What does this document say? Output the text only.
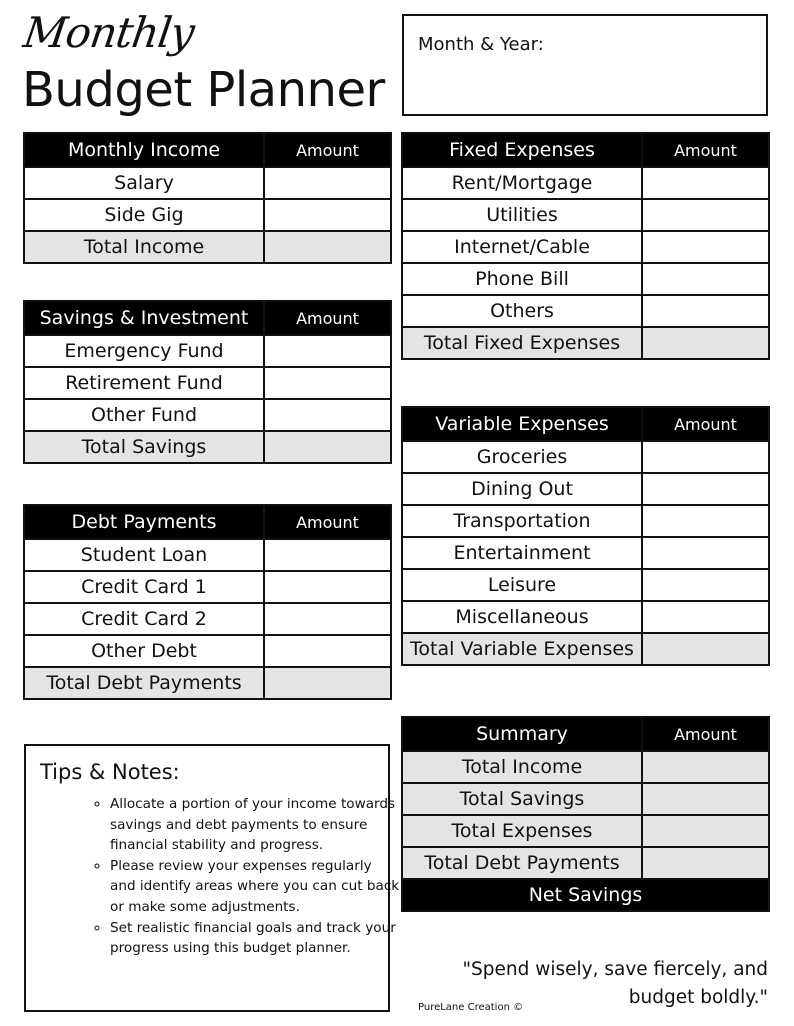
Monthly
Budget Planner
Month & Year:
Monthly Income	Amount
Salary	
Side Gig	
Total Income	
Savings & Investment	Amount
Emergency Fund	
Retirement Fund	
Other Fund	
Total Savings	
Debt Payments	Amount
Student Loan	
Credit Card 1	
Credit Card 2	
Other Debt	
Total Debt Payments	
Fixed Expenses	Amount
Rent/Mortgage	
Utilities	
Internet/Cable	
Phone Bill	
Others	
Total Fixed Expenses	
Variable Expenses	Amount
Groceries	
Dining Out	
Transportation	
Entertainment	
Leisure	
Miscellaneous	
Total Variable Expenses	
Summary	Amount
Total Income	
Total Savings	
Total Expenses	
Total Debt Payments	
Net Savings	
Tips & Notes:
◦ Allocate a portion of your income towards savings and debt payments to ensure financial stability and progress.
◦ Please review your expenses regularly and identify areas where you can cut back or make some adjustments.
◦ Set realistic financial goals and track your progress using this budget planner.
"Spend wisely, save fiercely, and
budget boldly."
PureLane Creation ©
